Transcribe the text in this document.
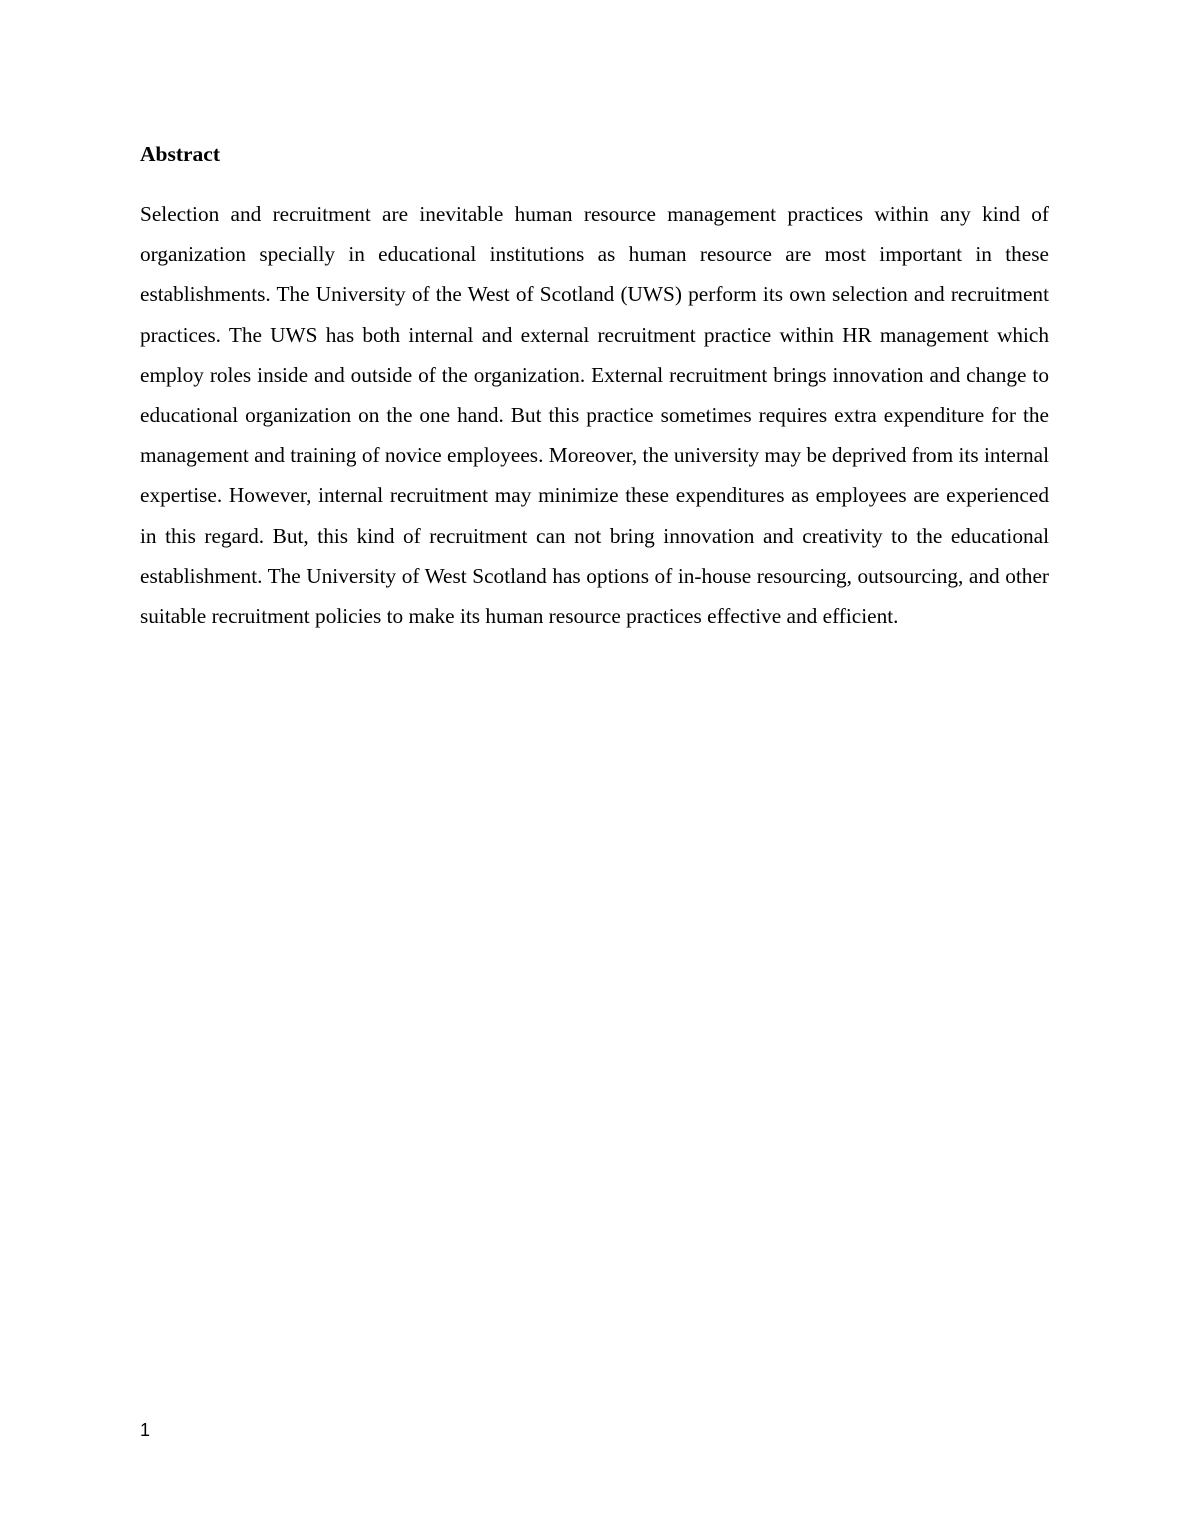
Abstract

Selection and recruitment are inevitable human resource management practices within any kind of organization specially in educational institutions as human resource are most important in these establishments. The University of the West of Scotland (UWS) perform its own selection and recruitment practices. The UWS has both internal and external recruitment practice within HR management which employ roles inside and outside of the organization. External recruitment brings innovation and change to educational organization on the one hand. But this practice sometimes requires extra expenditure for the management and training of novice employees. Moreover, the university may be deprived from its internal expertise. However, internal recruitment may minimize these expenditures as employees are experienced in this regard. But, this kind of recruitment can not bring innovation and creativity to the educational establishment. The University of West Scotland has options of in-house resourcing, outsourcing, and other suitable recruitment policies to make its human resource practices effective and efficient.

1
